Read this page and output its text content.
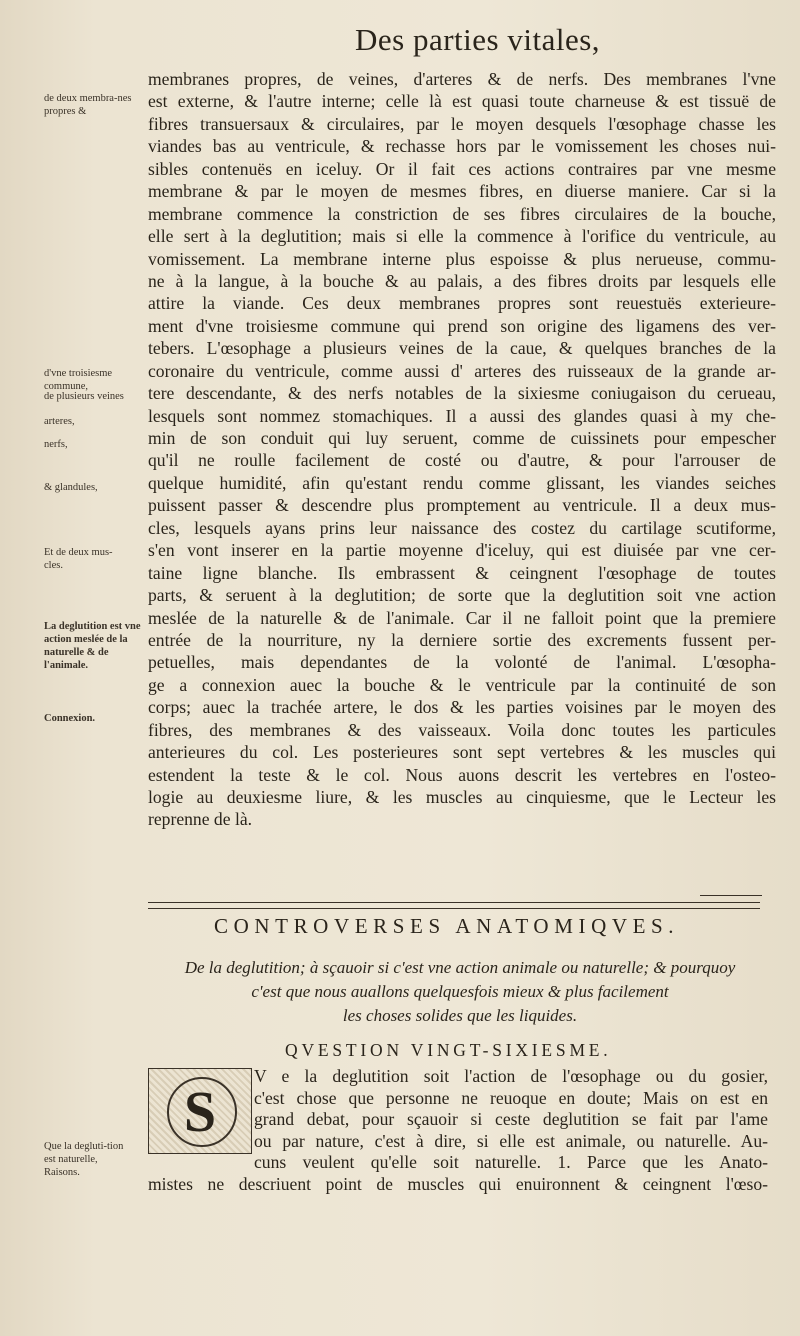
Des parties vitales,
de deux membra-nes propres &
d'vne troisiesme commune,
de plusieurs veines
arteres,
nerfs,
& glandules,
Et de deux mus-cles.
La deglutition est vne action meslée de la naturelle & de l'animale.
Connexion.
Que la degluti-tion est naturelle, Raisons.
membranes propres, de veines, d'arteres & de nerfs. Des membranes l'vne
est externe, & l'autre interne; celle là est quasi toute charneuse & est tissuë de
fibres transuersaux & circulaires, par le moyen desquels l'œsophage chasse les
viandes bas au ventricule, & rechasse hors par le vomissement les choses nui-
sibles contenuës en iceluy. Or il fait ces actions contraires par vne mesme
membrane & par le moyen de mesmes fibres, en diuerse maniere. Car si la
membrane commence la constriction de ses fibres circulaires de la bouche,
elle sert à la deglutition; mais si elle la commence à l'orifice du ventricule, au
vomissement. La membrane interne plus espoisse & plus nerueuse, commu-
ne à la langue, à la bouche & au palais, a des fibres droits par lesquels elle
attire la viande. Ces deux membranes propres sont reuestuës exterieure-
ment d'vne troisiesme commune qui prend son origine des ligamens des ver-
tebers. L'œsophage a plusieurs veines de la caue, & quelques branches de la
coronaire du ventricule, comme aussi d' arteres des ruisseaux de la grande ar-
tere descendante, & des nerfs notables de la sixiesme coniugaison du cerueau,
lesquels sont nommez stomachiques. Il a aussi des glandes quasi à my che-
min de son conduit qui luy seruent, comme de cuissinets pour empescher
qu'il ne roulle facilement de costé ou d'autre, & pour l'arrouser de
quelque humidité, afin qu'estant rendu comme glissant, les viandes seiches
puissent passer & descendre plus promptement au ventricule. Il a deux mus-
cles, lesquels ayans prins leur naissance des costez du cartilage scutiforme,
s'en vont inserer en la partie moyenne d'iceluy, qui est diuisée par vne cer-
taine ligne blanche. Ils embrassent & ceingnent l'œsophage de toutes
parts, & seruent à la deglutition; de sorte que la deglutition soit vne action
meslée de la naturelle & de l'animale. Car il ne falloit point que la premiere
entrée de la nourriture, ny la derniere sortie des excrements fussent per-
petuelles, mais dependantes de la volonté de l'animal. L'œsopha-
ge a connexion auec la bouche & le ventricule par la continuité de son
corps; auec la trachée artere, le dos & les parties voisines par le moyen des
fibres, des membranes & des vaisseaux. Voila donc toutes les particules
anterieures du col. Les posterieures sont sept vertebres & les muscles qui
estendent la teste & le col. Nous auons descrit les vertebres en l'osteo-
logie au deuxiesme liure, & les muscles au cinquiesme, que le Lecteur les
reprenne de là.
CONTROVERSES ANATOMIQVES.
De la deglutition; à sçauoir si c'est vne action animale ou naturelle; & pourquoy
c'est que nous auallons quelquesfois mieux & plus facilement
les choses solides que les liquides.
QVESTION VINGT-SIXIESME.
S
V e la deglutition soit l'action de l'œsophage ou du gosier,
c'est chose que personne ne reuoque en doute; Mais on est en
grand debat, pour sçauoir si ceste deglutition se fait par l'ame
ou par nature, c'est à dire, si elle est animale, ou naturelle. Au-
cuns veulent qu'elle soit naturelle. 1. Parce que les Anato-
mistes ne descriuent point de muscles qui enuironnent & ceingnent l'œso-
